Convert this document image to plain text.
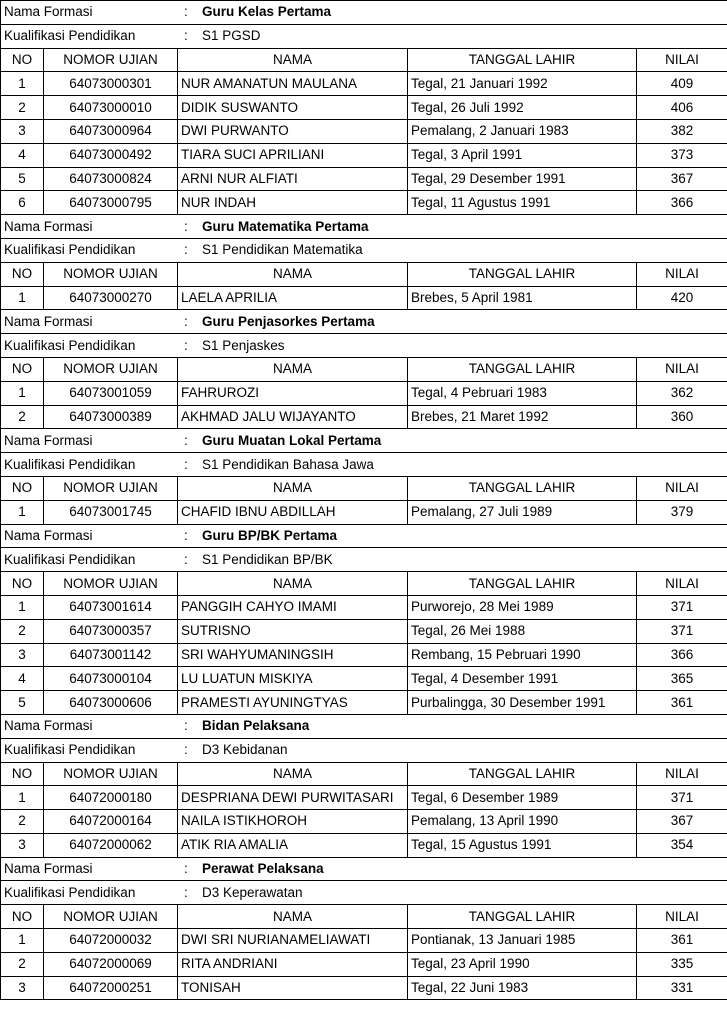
Nama Formasi : Guru Kelas Pertama				
Kualifikasi Pendidikan : S1 PGSD				
NO	NOMOR UJIAN	NAMA	TANGGAL LAHIR	NILAI
1	64073000301	NUR AMANATUN MAULANA	Tegal, 21 Januari 1992	409
2	64073000010	DIDIK SUSWANTO	Tegal, 26 Juli 1992	406
3	64073000964	DWI PURWANTO	Pemalang, 2 Januari 1983	382
4	64073000492	TIARA SUCI APRILIANI	Tegal, 3 April 1991	373
5	64073000824	ARNI NUR ALFIATI	Tegal, 29 Desember 1991	367
6	64073000795	NUR INDAH	Tegal, 11 Agustus 1991	366
Nama Formasi : Guru Matematika Pertama				
Kualifikasi Pendidikan : S1 Pendidikan Matematika				
NO	NOMOR UJIAN	NAMA	TANGGAL LAHIR	NILAI
1	64073000270	LAELA APRILIA	Brebes, 5 April 1981	420
Nama Formasi : Guru Penjasorkes Pertama				
Kualifikasi Pendidikan : S1 Penjaskes				
NO	NOMOR UJIAN	NAMA	TANGGAL LAHIR	NILAI
1	64073001059	FAHRUROZI	Tegal, 4 Pebruari 1983	362
2	64073000389	AKHMAD JALU WIJAYANTO	Brebes, 21 Maret 1992	360
Nama Formasi : Guru Muatan Lokal Pertama				
Kualifikasi Pendidikan : S1 Pendidikan Bahasa Jawa				
NO	NOMOR UJIAN	NAMA	TANGGAL LAHIR	NILAI
1	64073001745	CHAFID IBNU ABDILLAH	Pemalang, 27 Juli 1989	379
Nama Formasi : Guru BP/BK Pertama				
Kualifikasi Pendidikan : S1 Pendidikan BP/BK				
NO	NOMOR UJIAN	NAMA	TANGGAL LAHIR	NILAI
1	64073001614	PANGGIH CAHYO IMAMI	Purworejo, 28 Mei 1989	371
2	64073000357	SUTRISNO	Tegal, 26 Mei 1988	371
3	64073001142	SRI WAHYUMANINGSIH	Rembang, 15 Pebruari 1990	366
4	64073000104	LU LUATUN MISKIYA	Tegal, 4 Desember 1991	365
5	64073000606	PRAMESTI AYUNINGTYAS	Purbalingga, 30 Desember 1991	361
Nama Formasi : Bidan Pelaksana				
Kualifikasi Pendidikan : D3 Kebidanan				
NO	NOMOR UJIAN	NAMA	TANGGAL LAHIR	NILAI
1	64072000180	DESPRIANA DEWI PURWITASARI	Tegal, 6 Desember 1989	371
2	64072000164	NAILA ISTIKHOROH	Pemalang, 13 April 1990	367
3	64072000062	ATIK RIA AMALIA	Tegal, 15 Agustus 1991	354
Nama Formasi : Perawat Pelaksana				
Kualifikasi Pendidikan : D3 Keperawatan				
NO	NOMOR UJIAN	NAMA	TANGGAL LAHIR	NILAI
1	64072000032	DWI SRI NURIANAMELIAWATI	Pontianak, 13 Januari 1985	361
2	64072000069	RITA ANDRIANI	Tegal, 23 April 1990	335
3	64072000251	TONISAH	Tegal, 22 Juni 1983	331
